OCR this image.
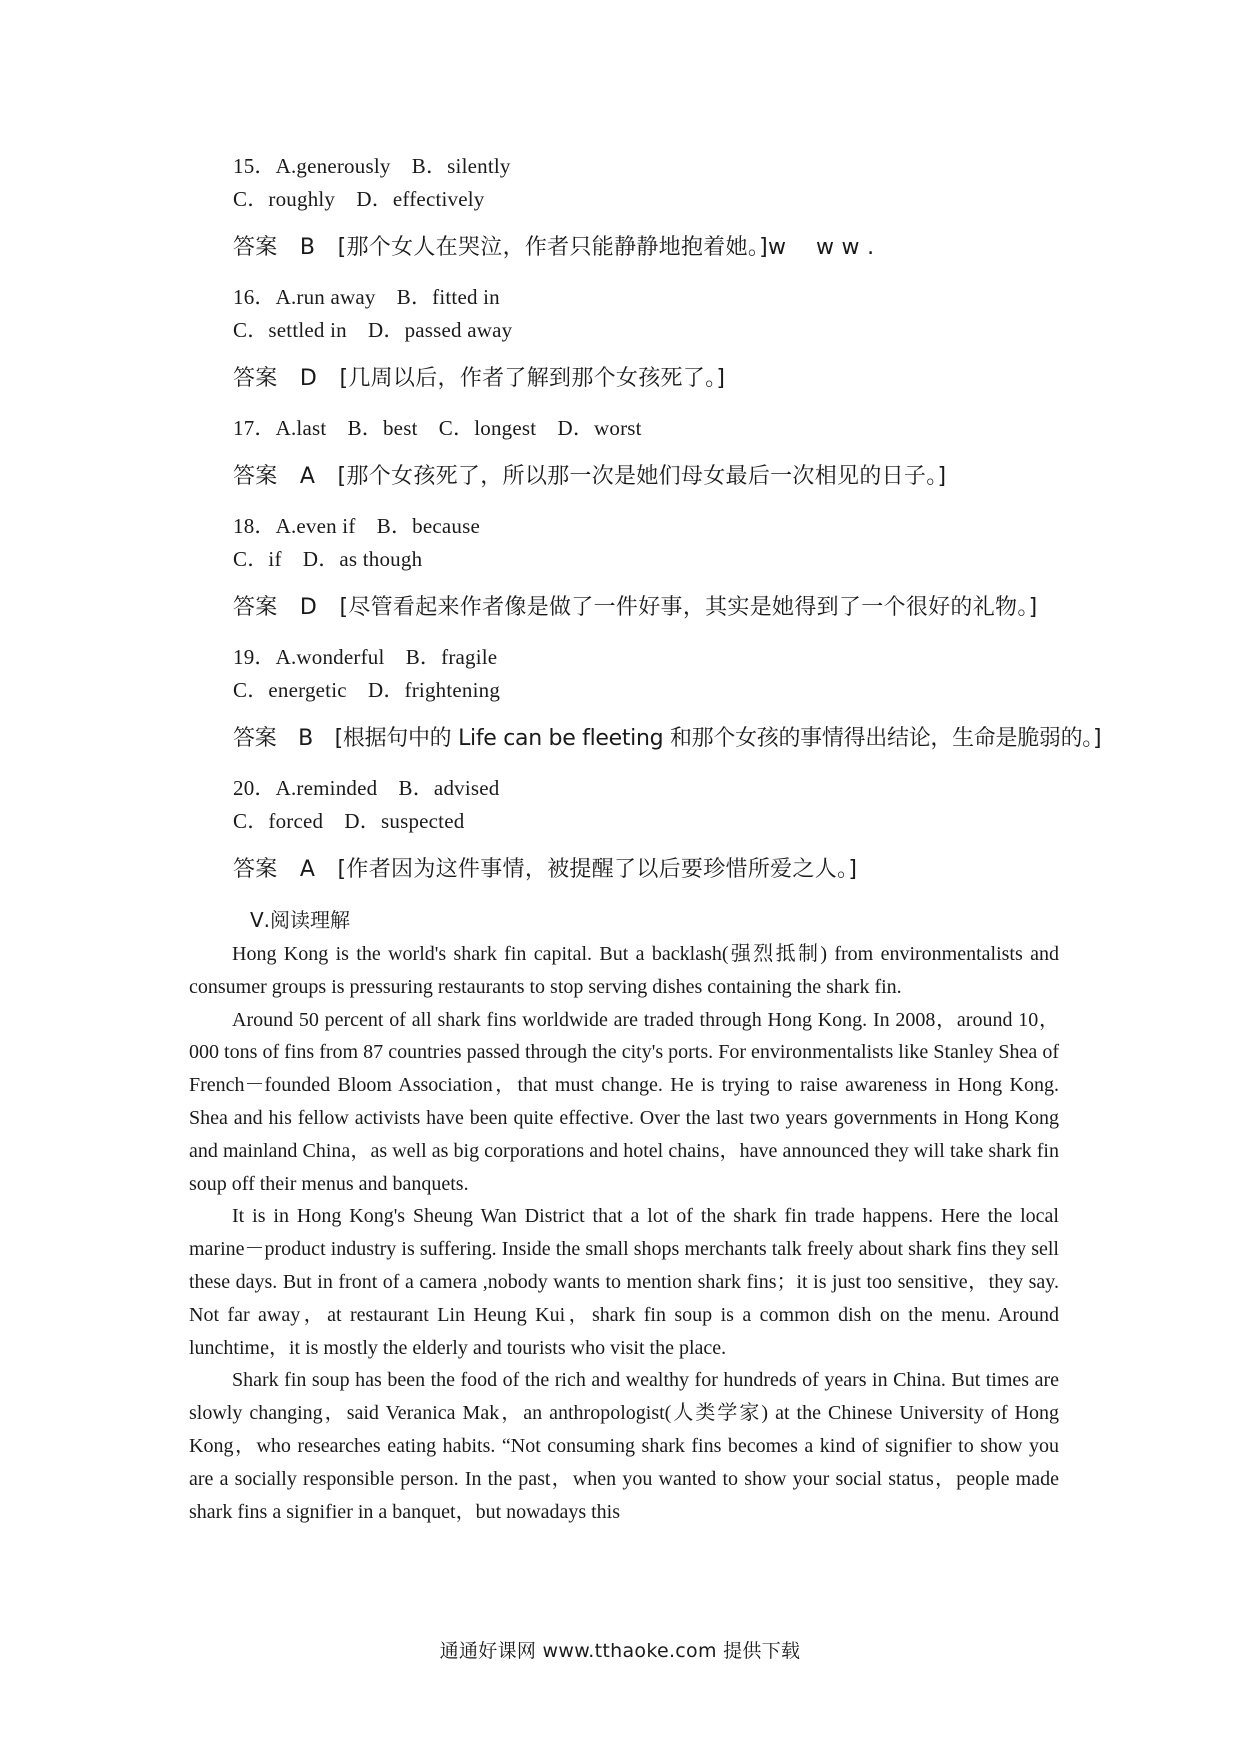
15．A.generously　B．silently
C．roughly　D．effectively
答案　B　[那个女人在哭泣，作者只能静静地抱着她。]w　 w w .
16．A.run away　B．fitted in
C．settled in　D．passed away
答案　D　[几周以后，作者了解到那个女孩死了。]
17．A.last　B．best　C．longest　D．worst
答案　A　[那个女孩死了，所以那一次是她们母女最后一次相见的日子。]
18．A.even if　B．because
C．if　D．as though
答案　D　[尽管看起来作者像是做了一件好事，其实是她得到了一个很好的礼物。]
19．A.wonderful　B．fragile
C．energetic　D．frightening
答案　B　[根据句中的 Life can be fleeting 和那个女孩的事情得出结论，生命是脆弱的。]
20．A.reminded　B．advised
C．forced　D．suspected
答案　A　[作者因为这件事情，被提醒了以后要珍惜所爱之人。]
Ⅴ.阅读理解

Hong Kong is the world's shark fin capital. But a backlash(强烈抵制) from environmentalists and consumer groups is pressuring restaurants to stop serving dishes containing the shark fin.

Around 50 percent of all shark fins worldwide are traded through Hong Kong. In 2008，around 10，000 tons of fins from 87 countries passed through the city's ports. For environmentalists like Stanley Shea of French－founded Bloom Association，that must change. He is trying to raise awareness in Hong Kong. Shea and his fellow activists have been quite effective. Over the last two years governments in Hong Kong and mainland China，as well as big corporations and hotel chains，have announced they will take shark fin soup off their menus and banquets.

It is in Hong Kong's Sheung Wan District that a lot of the shark fin trade happens. Here the local marine－product industry is suffering. Inside the small shops merchants talk freely about shark fins they sell these days. But in front of a camera ,nobody wants to mention shark fins；it is just too sensitive，they say. Not far away，at restaurant Lin Heung Kui，shark fin soup is a common dish on the menu. Around lunchtime，it is mostly the elderly and tourists who visit the place.

Shark fin soup has been the food of the rich and wealthy for hundreds of years in China. But times are slowly changing，said Veranica Mak，an anthropologist(人类学家) at the Chinese University of Hong Kong，who researches eating habits. “Not consuming shark fins becomes a kind of signifier to show you are a socially responsible person. In the past，when you wanted to show your social status，people made shark fins a signifier in a banquet，but nowadays this

通通好课网 www.tthaoke.com 提供下载
